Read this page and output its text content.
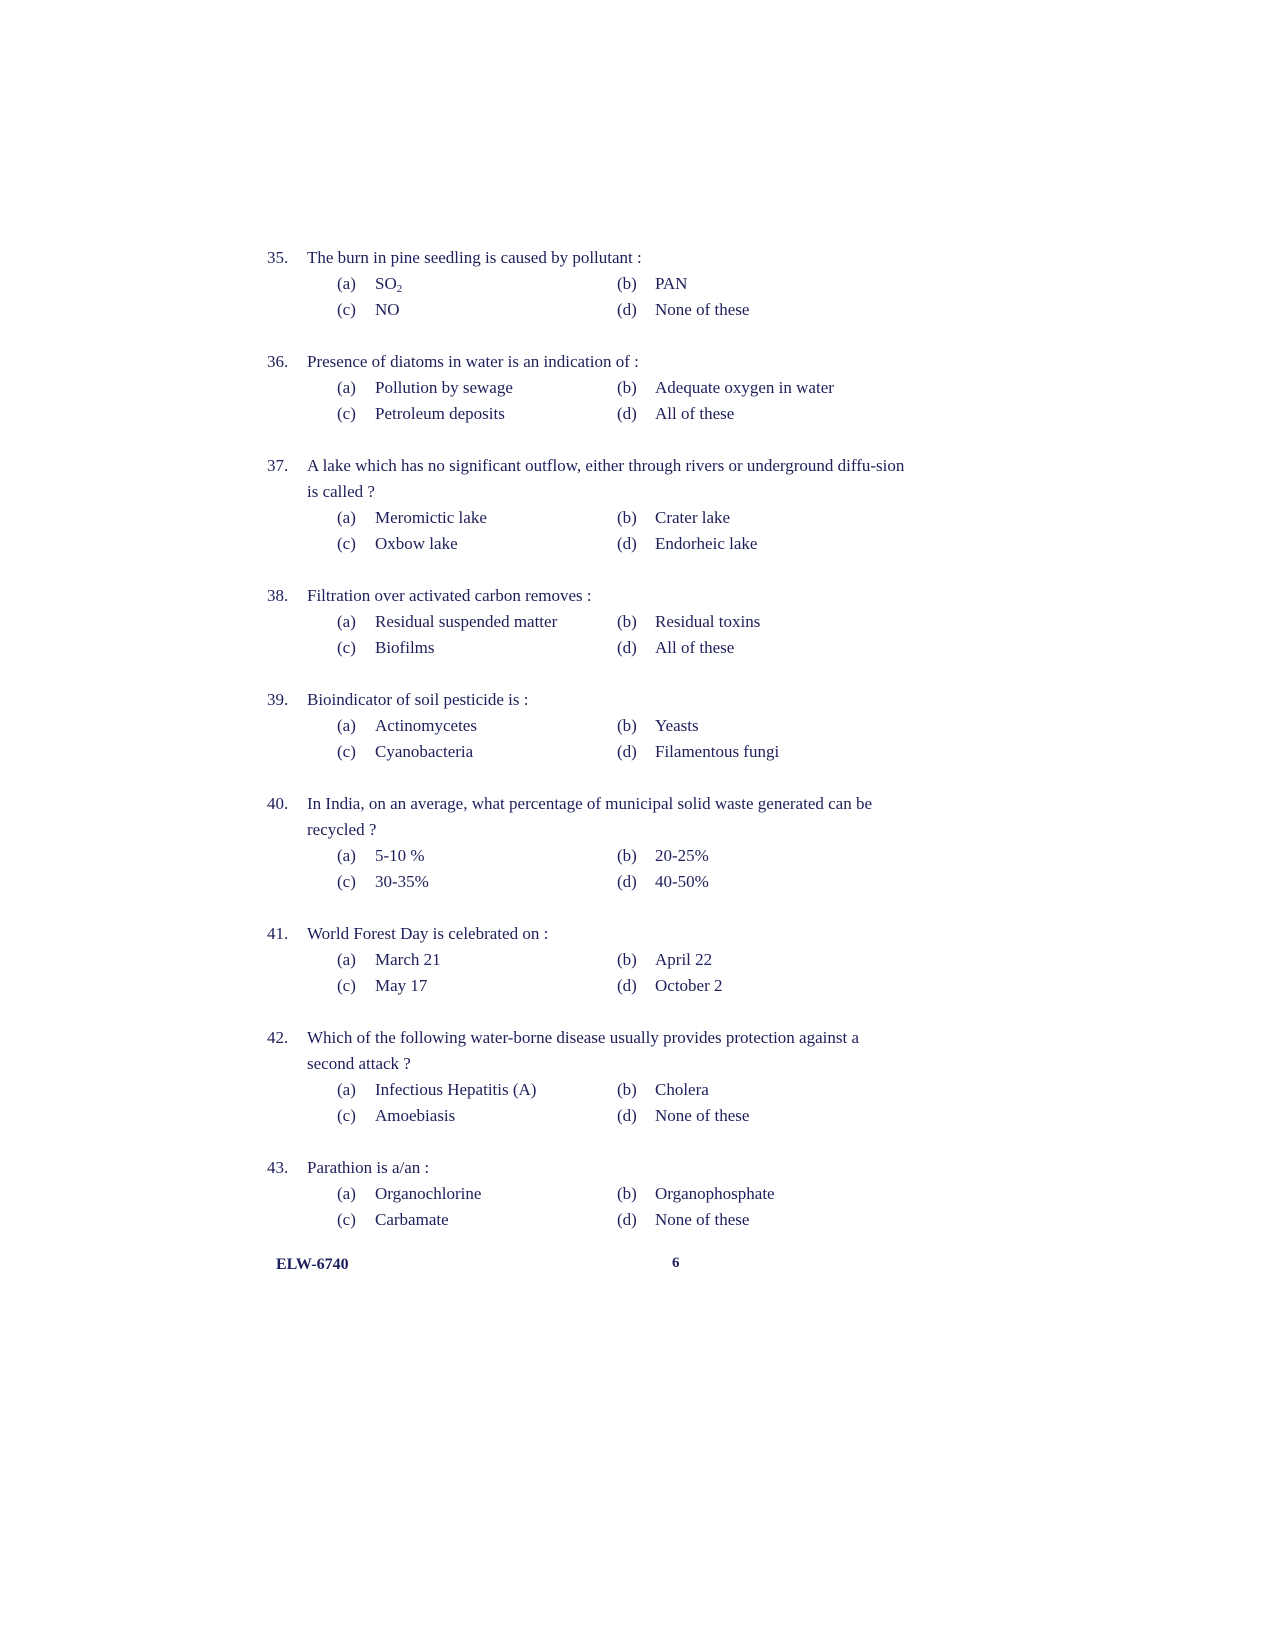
35.	The burn in pine seedling is caused by pollutant :
(a) $SO_2$	(b) PAN
(c) NO	(d) None of these
36.	Presence of diatoms in water is an indication of :
(a) Pollution by sewage	(b) Adequate oxygen in water
(c) Petroleum deposits	(d) All of these
37.	A lake which has no significant outflow, either through rivers or underground diffu-sion is called ?
(a) Meromictic lake	(b) Crater lake
(c) Oxbow lake	(d) Endorheic lake
38.	Filtration over activated carbon removes :
(a) Residual suspended matter	(b) Residual toxins
(c) Biofilms	(d) All of these
39.	Bioindicator of soil pesticide is :
(a) Actinomycetes	(b) Yeasts
(c) Cyanobacteria	(d) Filamentous fungi
40.	In India, on an average, what percentage of municipal solid waste generated can be recycled ?
(a) 5-10 %	(b) 20-25%
(c) 30-35%	(d) 40-50%
41.	World Forest Day is celebrated on :
(a) March 21	(b) April 22
(c) May 17	(d) October 2
42.	Which of the following water-borne disease usually provides protection against a second attack ?
(a) Infectious Hepatitis (A)	(b) Cholera
(c) Amoebiasis	(d) None of these
43.	Parathion is a/an :
(a) Organochlorine	(b) Organophosphate
(c) Carbamate	(d) None of these
ELW-6740	6
